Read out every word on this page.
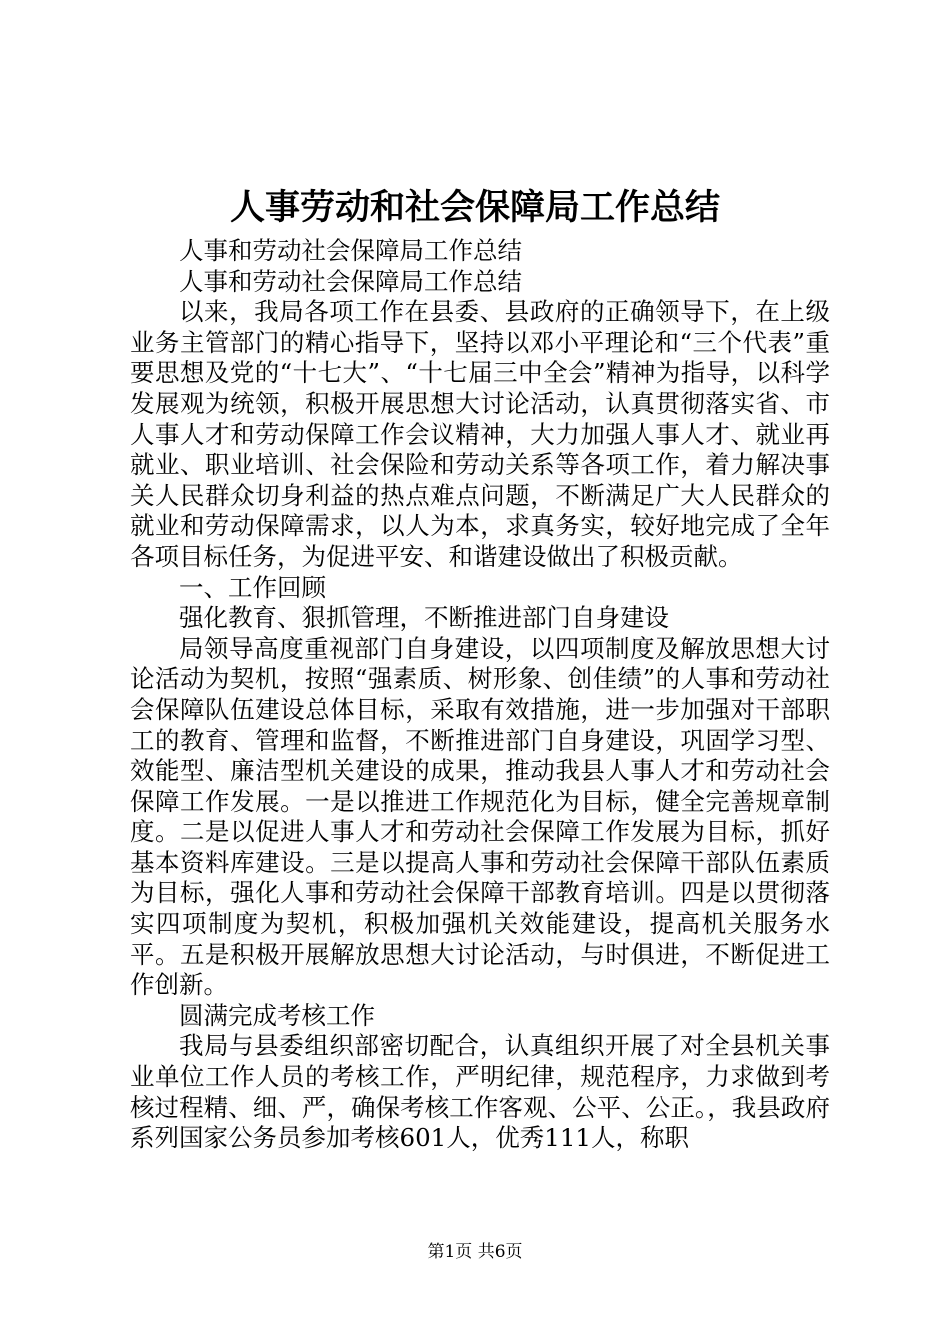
人事劳动和社会保障局工作总结

人事和劳动社会保障局工作总结

人事和劳动社会保障局工作总结

以来，我局各项工作在县委、县政府的正确领导下，在上级业务主管部门的精心指导下，坚持以邓小平理论和“三个代表”重要思想及党的“十七大”、“十七届三中全会”精神为指导，以科学发展观为统领，积极开展思想大讨论活动，认真贯彻落实省、市人事人才和劳动保障工作会议精神，大力加强人事人才、就业再就业、职业培训、社会保险和劳动关系等各项工作，着力解决事关人民群众切身利益的热点难点问题，不断满足广大人民群众的就业和劳动保障需求，以人为本，求真务实，较好地完成了全年各项目标任务，为促进平安、和谐建设做出了积极贡献。

一、工作回顾

强化教育、狠抓管理，不断推进部门自身建设

局领导高度重视部门自身建设，以四项制度及解放思想大讨论活动为契机，按照“强素质、树形象、创佳绩”的人事和劳动社会保障队伍建设总体目标，采取有效措施，进一步加强对干部职工的教育、管理和监督，不断推进部门自身建设，巩固学习型、效能型、廉洁型机关建设的成果，推动我县人事人才和劳动社会保障工作发展。一是以推进工作规范化为目标，健全完善规章制度。二是以促进人事人才和劳动社会保障工作发展为目标，抓好基本资料库建设。三是以提高人事和劳动社会保障干部队伍素质为目标，强化人事和劳动社会保障干部教育培训。四是以贯彻落实四项制度为契机，积极加强机关效能建设，提高机关服务水平。五是积极开展解放思想大讨论活动，与时俱进，不断促进工作创新。

圆满完成考核工作

我局与县委组织部密切配合，认真组织开展了对全县机关事业单位工作人员的考核工作，严明纪律，规范程序，力求做到考核过程精、细、严，确保考核工作客观、公平、公正。，我县政府系列国家公务员参加考核601人，优秀111人，称职

第1页 共6页
